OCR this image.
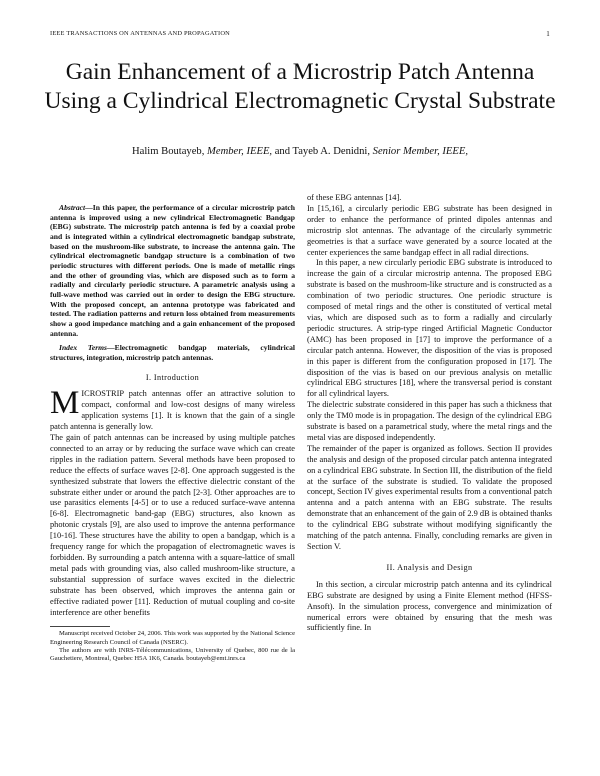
IEEE TRANSACTIONS ON ANTENNAS AND PROPAGATION	1
Gain Enhancement of a Microstrip Patch Antenna Using a Cylindrical Electromagnetic Crystal Substrate
Halim Boutayeb, Member, IEEE, and Tayeb A. Denidni, Senior Member, IEEE,

Abstract—In this paper, the performance of a circular microstrip patch antenna is improved using a new cylindrical Electromagnetic Bandgap (EBG) substrate. The microstrip patch antenna is fed by a coaxial probe and is integrated within a cylindrical electromagnetic bandgap substrate, based on the mushroom-like substrate, to increase the antenna gain. The cylindrical electromagnetic bandgap structure is a combination of two periodic structures with different periods. One is made of metallic rings and the other of grounding vias, which are disposed such as to form a radially and circularly periodic structure. A parametric analysis using a full-wave method was carried out in order to design the EBG structure. With the proposed concept, an antenna prototype was fabricated and tested. The radiation patterns and return loss obtained from measurements show a good impedance matching and a gain enhancement of the proposed antenna.

Index Terms—Electromagnetic bandgap materials, cylindrical structures, integration, microstrip patch antennas.

I. Introduction

MICROSTRIP patch antennas offer an attractive solution to compact, conformal and low-cost designs of many wireless application systems [1]. It is known that the gain of a single patch antenna is generally low.

The gain of patch antennas can be increased by using multiple patches connected to an array or by reducing the surface wave which can create ripples in the radiation pattern. Several methods have been proposed to reduce the effects of surface waves [2-8]. One approach suggested is the synthesized substrate that lowers the effective dielectric constant of the substrate either under or around the patch [2-3]. Other approaches are to use parasitics elements [4-5] or to use a reduced surface-wave antenna [6-8]. Electromagnetic band-gap (EBG) structures, also known as photonic crystals [9], are also used to improve the antenna performance [10-16]. These structures have the ability to open a bandgap, which is a frequency range for which the propagation of electromagnetic waves is forbidden. By surrounding a patch antenna with a square-lattice of small metal pads with grounding vias, also called mushroom-like structure, a substantial suppression of surface waves excited in the dielectric substrate has been observed, which improves the antenna gain or effective radiated power [11]. Reduction of mutual coupling and co-site interference are other benefits

Manuscript received October 24, 2006. This work was supported by the National Science Engineering Research Council of Canada (NSERC).

The authors are with INRS-Télécommunications, University of Quebec, 800 rue de la Gauchetiere, Montreal, Quebec H5A 1K6, Canada. boutayeb@emt.inrs.ca

of these EBG antennas [14].

In [15,16], a circularly periodic EBG substrate has been designed in order to enhance the performance of printed dipoles antennas and microstrip slot antennas. The advantage of the circularly symmetric geometries is that a surface wave generated by a source located at the center experiences the same bandgap effect in all radial directions.

In this paper, a new circularly periodic EBG substrate is introduced to increase the gain of a circular microstrip antenna. The proposed EBG substrate is based on the mushroom-like structure and is constructed as a combination of two periodic structures. One periodic structure is composed of metal rings and the other is constituted of vertical metal vias, which are disposed such as to form a radially and circularly periodic structures. A strip-type ringed Artificial Magnetic Conductor (AMC) has been proposed in [17] to improve the performance of a circular patch antenna. However, the disposition of the vias is proposed in this paper is different from the configuration proposed in [17]. The disposition of the vias is based on our previous analysis on metallic cylindrical EBG structures [18], where the transversal period is constant for all cylindrical layers.

The dielectric substrate considered in this paper has such a thickness that only the TM0 mode is in propagation. The design of the cylindrical EBG substrate is based on a parametrical study, where the metal rings and the metal vias are disposed independently.

The remainder of the paper is organized as follows. Section II provides the analysis and design of the proposed circular patch antenna integrated on a cylindrical EBG substrate. In Section III, the distribution of the field at the surface of the substrate is studied. To validate the proposed concept, Section IV gives experimental results from a conventional patch antenna and a patch antenna with an EBG substrate. The results demonstrate that an enhancement of the gain of 2.9 dB is obtained thanks to the cylindrical EBG substrate without modifying significantly the matching of the patch antenna. Finally, concluding remarks are given in Section V.

II. Analysis and Design

In this section, a circular microstrip patch antenna and its cylindrical EBG substrate are designed by using a Finite Element method (HFSS-Ansoft). In the simulation process, convergence and minimization of numerical errors were obtained by ensuring that the mesh was sufficiently fine. In
